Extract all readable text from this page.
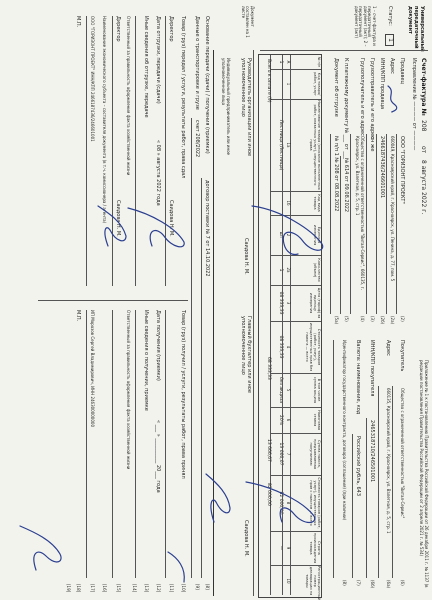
Универсальный передаточный документ
Статус:
1
1 – счет-фактура и передаточный документ (акт); 2 – передаточный документ (акт)
Счет-фактура №
208
от
8 августа 2022 г.
Исправление № ———— от ————
Приложение № 1 к постановлению Правительства Российской Федерации от 26 декабря 2011 г. № 1137 (в редакции постановления Правительства Российской Федерации от 2 апреля 2021 г. № 534)
Продавец
ООО "ГОРИЗОНТ ПРОЕКТ"
(2)
Адрес
660049, Красноярский край, г. Красноярск, ул. Ленина, д. 77, пом. 5
(2а)
ИНН/КПП продавца
2466187436/246601001
(2б)
Грузоотправитель и его адрес
он же
(3)
Грузополучатель и его адрес
Общество с ограниченной ответственностью "Витал-Сервис", 660135, г. Красноярск, ул. Взлетная, д. 5, стр. 1
(4)
К платежному документу № ___ от ___
№ 614 от 09.08.2022
(5)
Документ об отгрузке
№ п/п 1 № 208 от 08.08.2022
(5а)
Покупатель
Общество с ограниченной ответственностью "Витал-Сервис"
(6)
Адрес
660135, Красноярский край, г. Красноярск, ул. Взлетная, д. 5, стр. 1
(6а)
ИНН/КПП покупателя
2465318710/246501001
(6б)
Валюта: наименование, код
Российский рубль, 643
(7)
Идентификатор государственного контракта, договора (соглашения) (при наличии)
(8)
№ п/п
1
Код товара/ работ, услуг
Наименование товара (описание выполненных работ, оказанных услуг), имущественного права
Лестница (Лестница)
Код вида товара
Единица измерения
шт
Коли-чество (объем)
1
Цена (тариф) за единицу измерения
68 333,33
Стоимость товаров (работ, услуг), имущественных прав без налога — всего
68 333,33
В том числе сумма акциза
без акциза
Налоговая ставка
20%
Сумма налога, предъявляемая покупателю
13 666,67
Стоимость товаров (работ, услуг), имущественных прав с налогом — всего
82 000,00
Страна происхождения товара
—
Регистрационный номер декларации на товары
А
1
1а
1б
2
2а
3
4
5
6
7
8
9
10
Всего к оплате (9)
68 333,33
13 666,67
82 000,00
Документ составлен на 1 листе
Руководитель организации или иное уполномоченное лицо
Саидова Н. М.
Главный бухгалтер или иное уполномоченное лицо
Саидова Н. М.
Индивидуальный предприниматель или иное уполномоченное лицо
Основание передачи (сдачи) / получения (приемки)
договор поставки № 7 от 14.10.2022
Данные о транспортировке и грузе
счет 208/2022
Товар (груз) передал / услуги, результаты работ, права сдал
Директор
Саидова Н. М.
Дата отгрузки, передачи (сдачи)
« 08 » августа 2022 года
Иные сведения об отгрузке, передаче
Ответственный за правильность оформления факта хозяйственной жизни
Директор
Саидова Н. М.
Наименование экономического субъекта – составителя документа (в т.ч. комиссионера / агента)
ООО "ГОРИЗОНТ ПРОЕКТ" ИНН/КПП 2466187436/246601001
М.П.
Товар (груз) получил / услуги, результаты работ, права принял
Дата получения (приемки)
« ___ » __________ 20___ года
Иные сведения о получении, приемке
Ответственный за правильность оформления факта хозяйственной жизни
ИП Морозов Сергей Владимирович, ИНН 246300000000
М.П.
[8]
[9]
[10]
[11]
[12]
[13]
[14]
[15]
[16]
[17]
[18]
[19]
